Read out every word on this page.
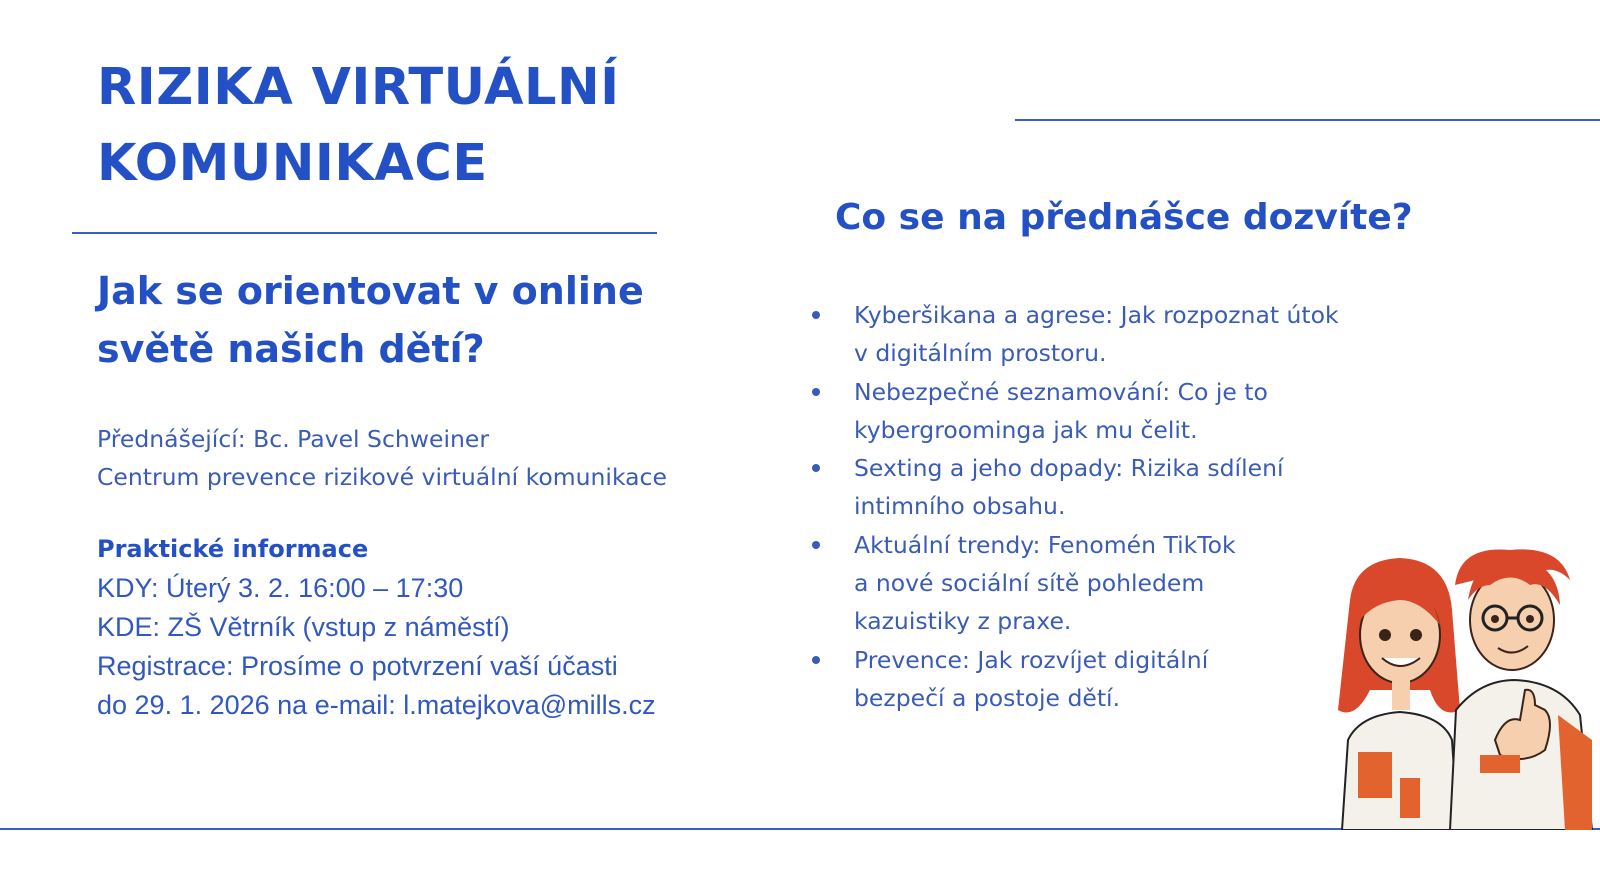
RIZIKA VIRTUÁLNÍ
KOMUNIKACE
Jak se orientovat v online
světě našich dětí?
Přednášející: Bc. Pavel Schweiner
Centrum prevence rizikové virtuální komunikace
Praktické informace
KDY: Úterý 3. 2. 16:00 – 17:30
KDE: ZŠ Větrník (vstup z náměstí)
Registrace: Prosíme o potvrzení vaší účasti
do 29. 1. 2026 na e-mail: l.matejkova@mills.cz
Co se na přednášce dozvíte?
Kyberšikana a agrese: Jak rozpoznat útok
v digitálním prostoru.
Nebezpečné seznamování: Co je to
kybergroominga jak mu čelit.
Sexting a jeho dopady: Rizika sdílení
intimního obsahu.
Aktuální trendy: Fenomén TikTok
a nové sociální sítě pohledem
kazuistiky z praxe.
Prevence: Jak rozvíjet digitální
bezpečí a postoje dětí.
